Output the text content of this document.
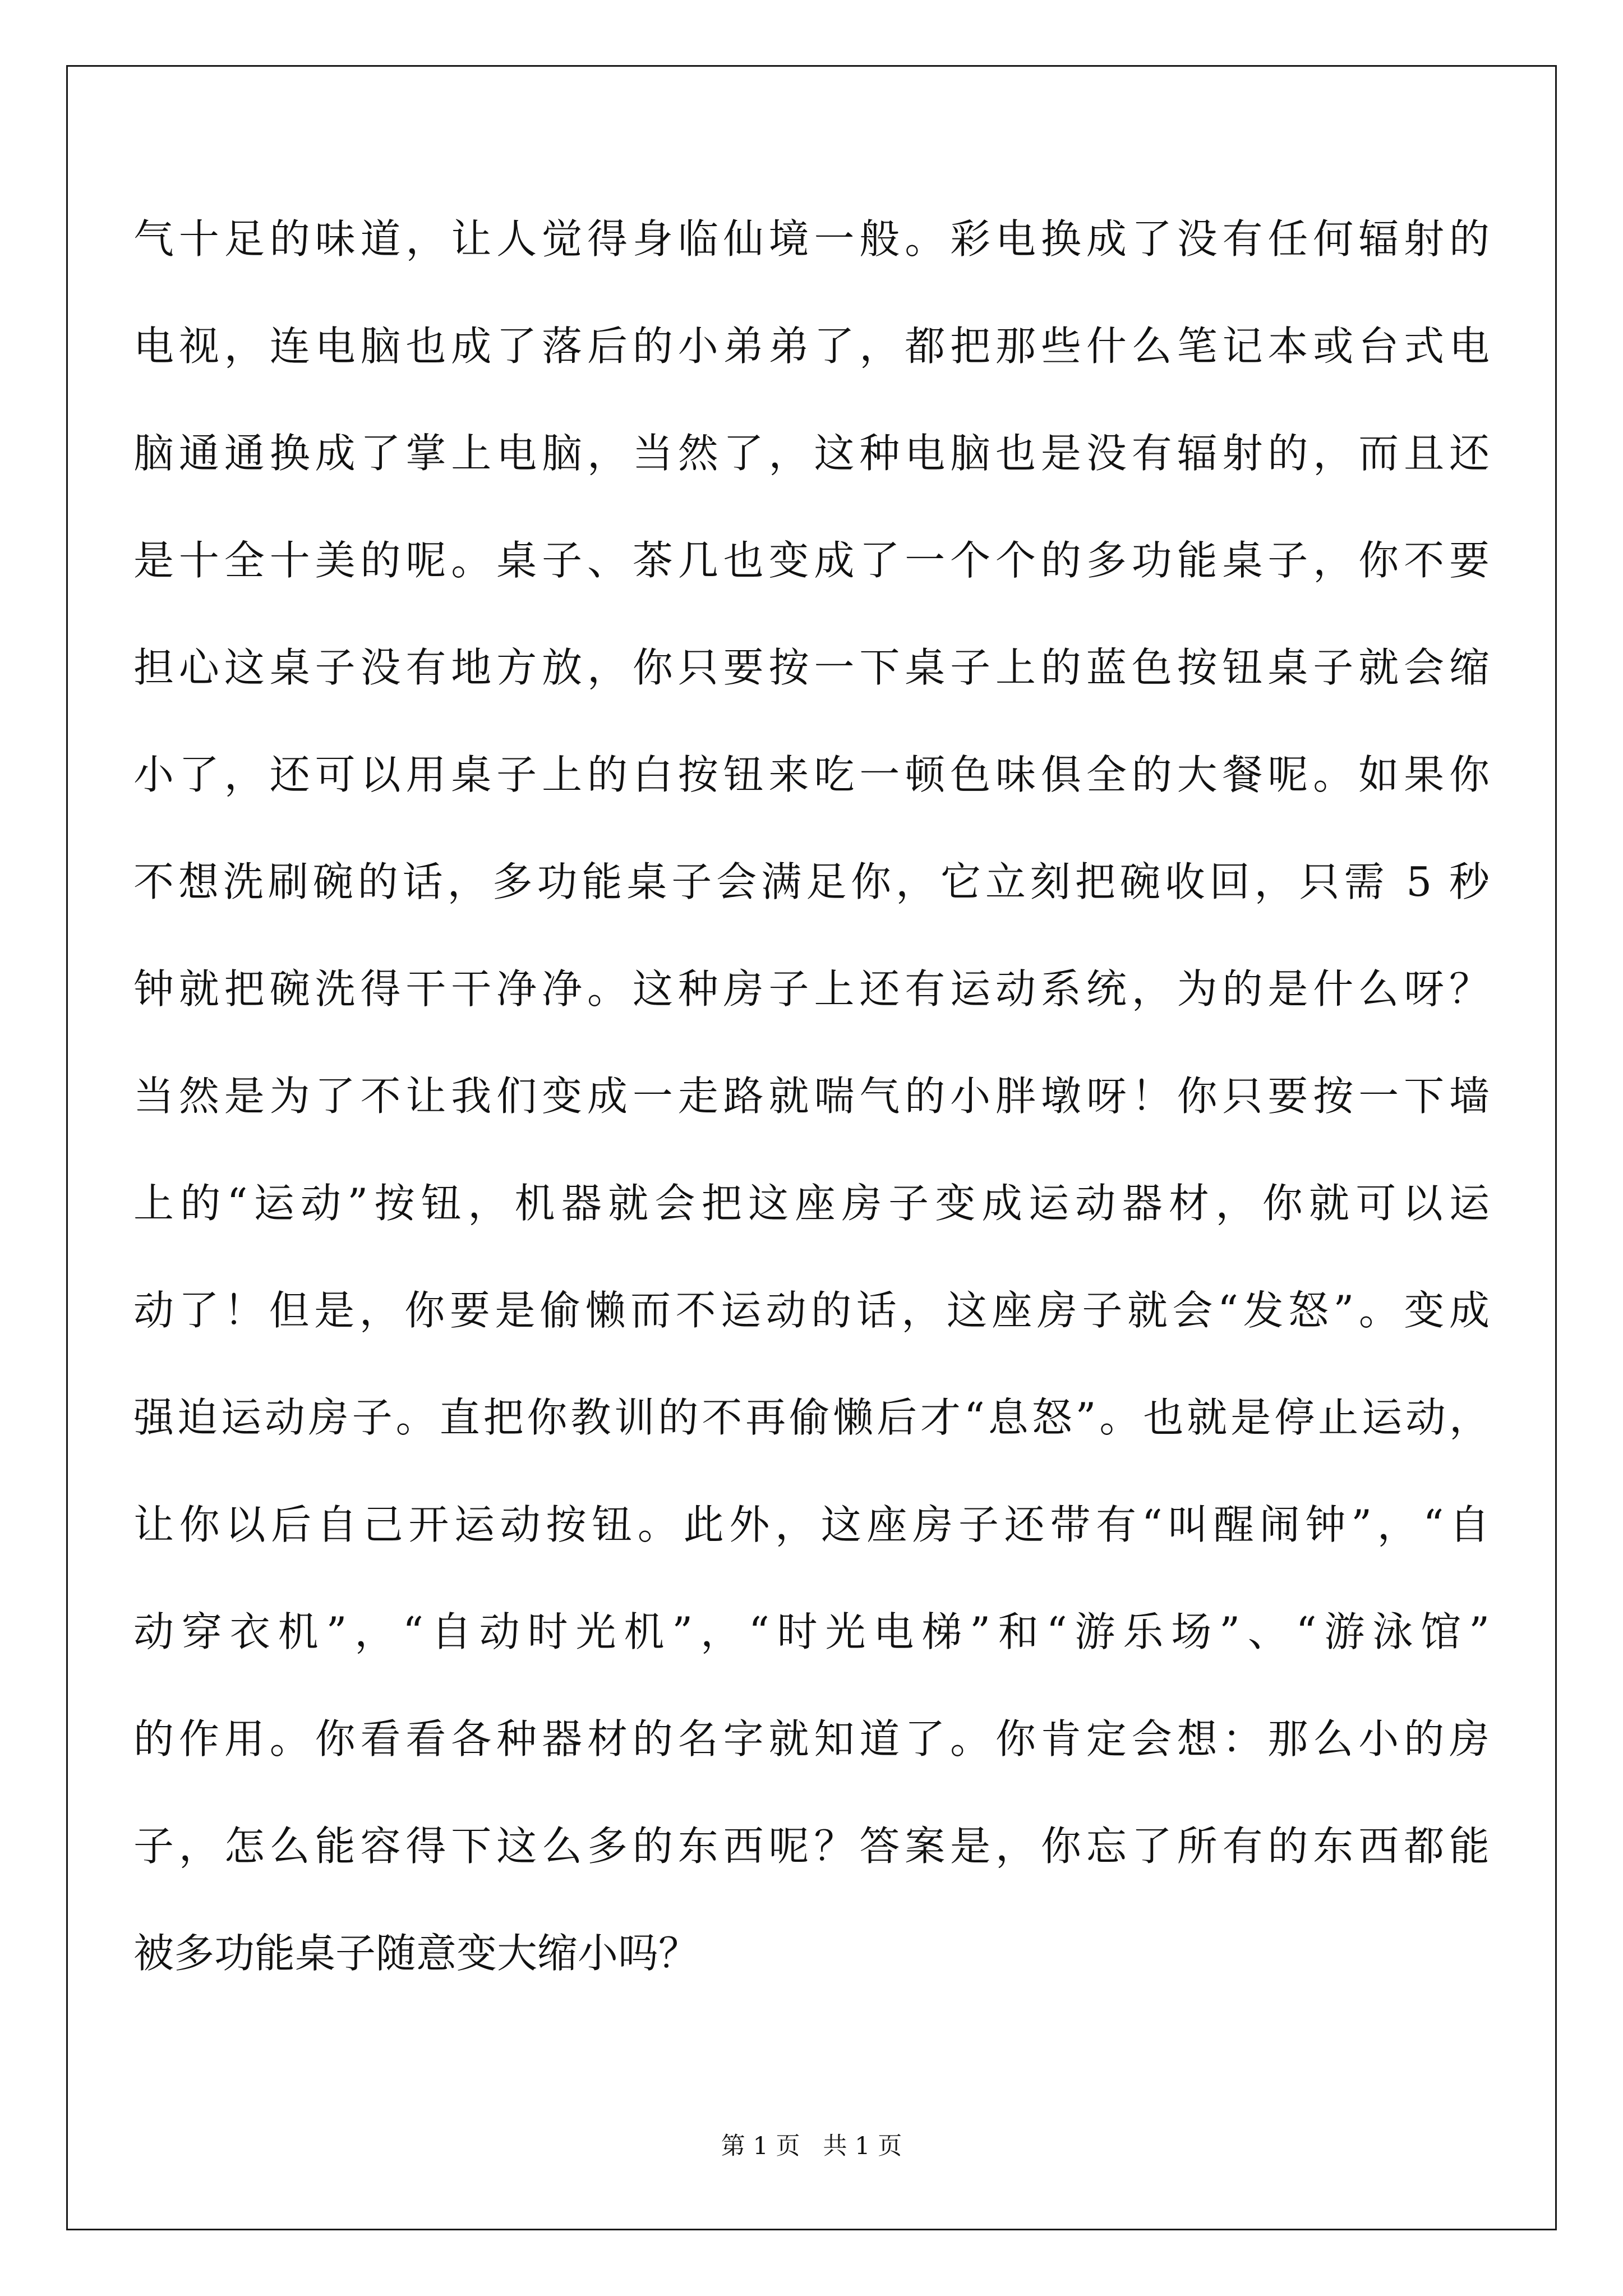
气十足的味道，让人觉得身临仙境一般。彩电换成了没有任何辐射的
电视，连电脑也成了落后的小弟弟了，都把那些什么笔记本或台式电
脑通通换成了掌上电脑，当然了，这种电脑也是没有辐射的，而且还
是十全十美的呢。桌子、茶几也变成了一个个的多功能桌子，你不要
担心这桌子没有地方放，你只要按一下桌子上的蓝色按钮桌子就会缩
小了，还可以用桌子上的白按钮来吃一顿色味俱全的大餐呢。如果你
不想洗刷碗的话，多功能桌子会满足你，它立刻把碗收回，只需 5 秒
钟就把碗洗得干干净净。这种房子上还有运动系统，为的是什么呀？
当然是为了不让我们变成一走路就喘气的小胖墩呀！你只要按一下墙
上的“运动”按钮，机器就会把这座房子变成运动器材，你就可以运
动了！但是，你要是偷懒而不运动的话，这座房子就会“发怒”。变成
强迫运动房子。直把你教训的不再偷懒后才“息怒”。也就是停止运动，
让你以后自己开运动按钮。此外，这座房子还带有“叫醒闹钟”，“自
动穿衣机”，“自动时光机”，“时光电梯”和“游乐场”、“游泳馆”
的作用。你看看各种器材的名字就知道了。你肯定会想：那么小的房
子，怎么能容得下这么多的东西呢？答案是，你忘了所有的东西都能
被多功能桌子随意变大缩小吗？
第 1 页   共 1 页
